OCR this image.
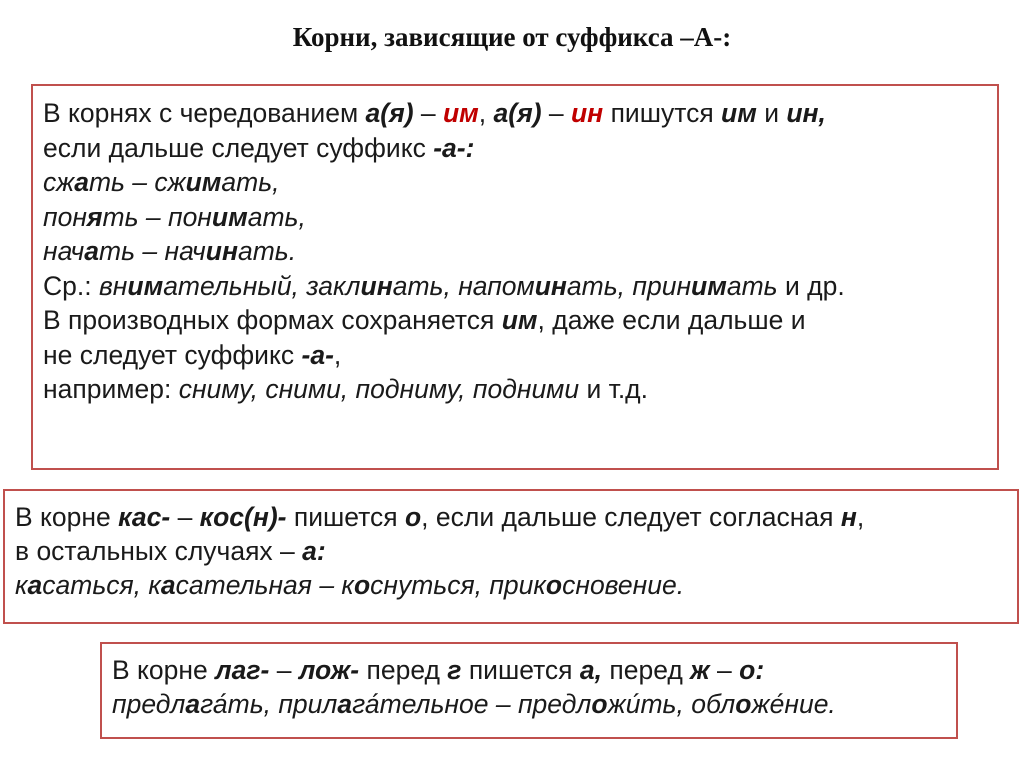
Корни, зависящие от суффикса –А-:
В корнях с чередованием а(я) – им, а(я) – ин пишутся им и ин,
если дальше следует суффикс -а-:
сжать – сжимать,
понять – понимать,
начать – начинать.
Ср.: внимательный, заклинать, напоминать, принимать и др.
В производных формах сохраняется им, даже если дальше и
не следует суффикс -а-,
например: сниму, сними, подниму, подними и т.д.
В корне кас- – кос(н)- пишется о, если дальше следует согласная н,
в остальных случаях – а:
касаться, касательная – коснуться, прикосновение.
В корне лаг- – лож- перед г пишется а, перед ж – о:
предлага́ть, прилага́тельное – предложи́ть, обложе́ние.
